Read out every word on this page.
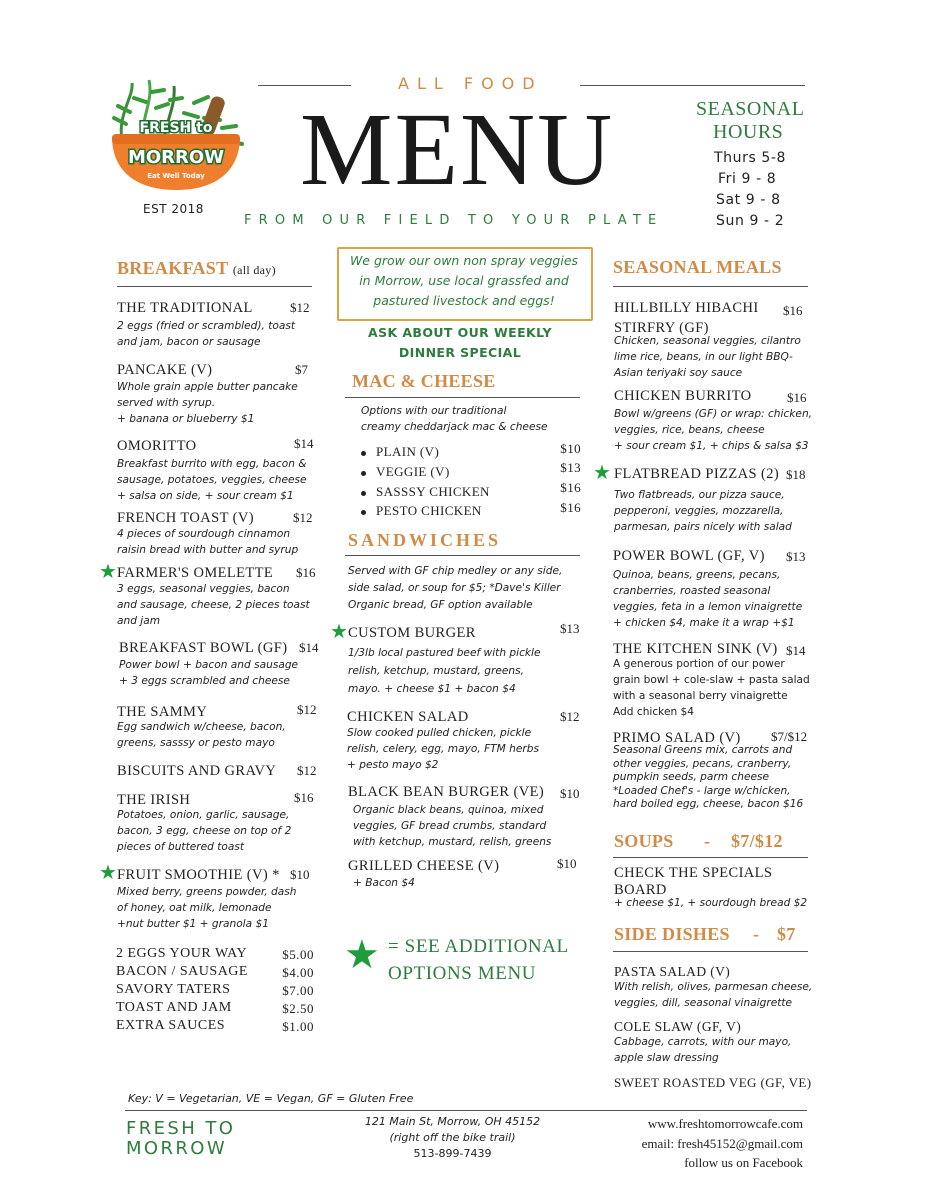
FRESH to
MORROW
Eat Well Today
EST 2018
ALL FOOD
MENU
FROM OUR FIELD TO YOUR PLATE
SEASONAL
HOURS
Thurs 5-8
Fri 9 - 8
Sat 9 - 8
Sun 9 - 2
BREAKFAST (all day)
THE TRADITIONAL	$12
2 eggs (fried or scrambled), toast
and jam, bacon or sausage
PANCAKE (V)	$7
Whole grain apple butter pancake
served with syrup.
+ banana or blueberry $1
OMORITTO	$14
Breakfast burrito with egg, bacon &
sausage, potatoes, veggies, cheese
+ salsa on side, + sour cream $1
FRENCH TOAST (V)	$12
4 pieces of sourdough cinnamon
raisin bread with butter and syrup
★ FARMER'S OMELETTE $16
3 eggs, seasonal veggies, bacon
and sausage, cheese, 2 pieces toast
and jam
BREAKFAST BOWL (GF) $14
Power bowl + bacon and sausage
+ 3 eggs scrambled and cheese
THE SAMMY	$12
Egg sandwich w/cheese, bacon,
greens, sasssy or pesto mayo
BISCUITS AND GRAVY $12
THE IRISH	$16
Potatoes, onion, garlic, sausage,
bacon, 3 egg, cheese on top of 2
pieces of buttered toast
★ FRUIT SMOOTHIE (V) * $10
Mixed berry, greens powder, dash
of honey, oat milk, lemonade
+nut butter $1 + granola $1
2 EGGS YOUR WAY	$5.00
BACON / SAUSAGE	$4.00
SAVORY TATERS	$7.00
TOAST AND JAM	$2.50
EXTRA SAUCES	$1.00
We grow our own non spray veggies
in Morrow, use local grassfed and
pastured livestock and eggs!
ASK ABOUT OUR WEEKLY
DINNER SPECIAL
MAC & CHEESE
Options with our traditional
creamy cheddarjack mac & cheese
PLAIN (V)	$10
VEGGIE (V)	$13
SASSSY CHICKEN	$16
PESTO CHICKEN	$16
SANDWICHES
Served with GF chip medley or any side,
side salad, or soup for $5; *Dave's Killer
Organic bread, GF option available
★ CUSTOM BURGER	$13
1/3lb local pastured beef with pickle
relish, ketchup, mustard, greens,
mayo. + cheese $1 + bacon $4
CHICKEN SALAD	$12
Slow cooked pulled chicken, pickle
relish, celery, egg, mayo, FTM herbs
+ pesto mayo $2
BLACK BEAN BURGER (VE) $10
Organic black beans, quinoa, mixed
veggies, GF bread crumbs, standard
with ketchup, mustard, relish, greens
GRILLED CHEESE (V)	$10
+ Bacon $4
★ = SEE ADDITIONAL
OPTIONS MENU
SEASONAL MEALS
HILLBILLY HIBACHI
STIRFRY (GF)
$16
Chicken, seasonal veggies, cilantro
lime rice, beans, in our light BBQ-
Asian teriyaki soy sauce
CHICKEN BURRITO	$16
Bowl w/greens (GF) or wrap: chicken,
veggies, rice, beans, cheese
+ sour cream $1, + chips & salsa $3
★ FLATBREAD PIZZAS (2) $18
Two flatbreads, our pizza sauce,
pepperoni, veggies, mozzarella,
parmesan, pairs nicely with salad
POWER BOWL (GF, V) $13
Quinoa, beans, greens, pecans,
cranberries, roasted seasonal
veggies, feta in a lemon vinaigrette
+ chicken $4, make it a wrap +$1
THE KITCHEN SINK (V) $14
A generous portion of our power
grain bowl + cole-slaw + pasta salad
with a seasonal berry vinaigrette
Add chicken $4
PRIMO SALAD (V) $7/$12
Seasonal Greens mix, carrots and
other veggies, pecans, cranberry,
pumpkin seeds, parm cheese
*Loaded Chef's - large w/chicken,
hard boiled egg, cheese, bacon $16
SOUPS - $7/$12
CHECK THE SPECIALS
BOARD
+ cheese $1, + sourdough bread $2
SIDE DISHES - $7
PASTA SALAD (V)
With relish, olives, parmesan cheese,
veggies, dill, seasonal vinaigrette
COLE SLAW (GF, V)
Cabbage, carrots, with our mayo,
apple slaw dressing
SWEET ROASTED VEG (GF, VE)
Key: V = Vegetarian, VE = Vegan, GF = Gluten Free
FRESH TO
MORROW
121 Main St, Morrow, OH 45152
(right off the bike trail)
513-899-7439
www.freshtomorrowcafe.com
email: fresh45152@gmail.com
follow us on Facebook
